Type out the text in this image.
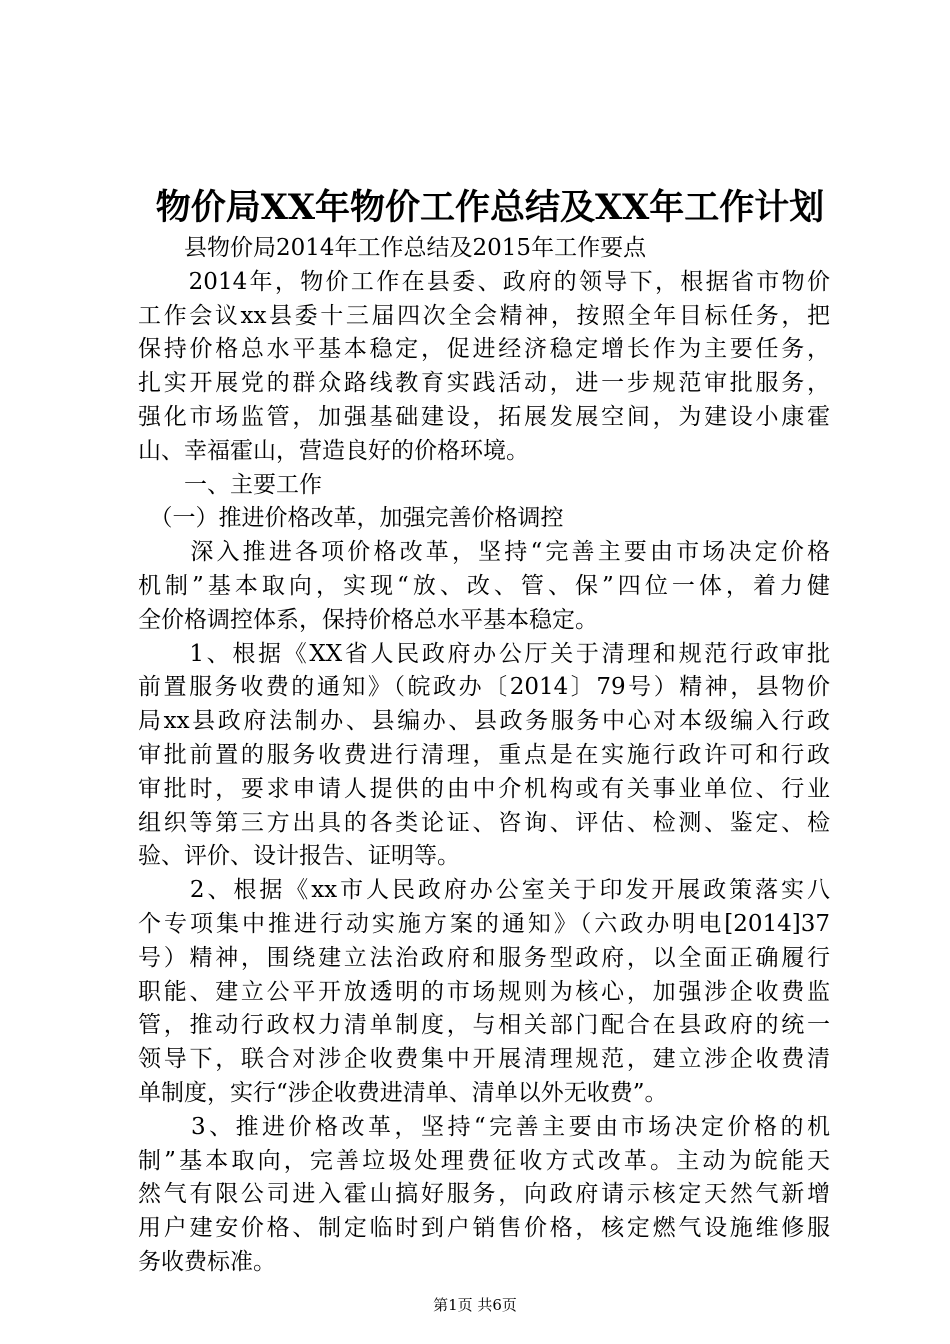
物价局XX年物价工作总结及XX年工作计划
　　县物价局2014年工作总结及2015年工作要点
　　2014年，物价工作在县委、政府的领导下，根据省市物价
工作会议xx县委十三届四次全会精神，按照全年目标任务，把
保持价格总水平基本稳定，促进经济稳定增长作为主要任务，
扎实开展党的群众路线教育实践活动，进一步规范审批服务，
强化市场监管，加强基础建设，拓展发展空间，为建设小康霍
山、幸福霍山，营造良好的价格环境。
　　一、主要工作
　（一）推进价格改革，加强完善价格调控
　　深入推进各项价格改革，坚持“完善主要由市场决定价格
机制”基本取向，实现“放、改、管、保”四位一体，着力健
全价格调控体系，保持价格总水平基本稳定。
　　1、根据《XX省人民政府办公厅关于清理和规范行政审批
前置服务收费的通知》（皖政办〔2014〕79号）精神，县物价
局xx县政府法制办、县编办、县政务服务中心对本级编入行政
审批前置的服务收费进行清理，重点是在实施行政许可和行政
审批时，要求申请人提供的由中介机构或有关事业单位、行业
组织等第三方出具的各类论证、咨询、评估、检测、鉴定、检
验、评价、设计报告、证明等。
　　2、根据《xx市人民政府办公室关于印发开展政策落实八
个专项集中推进行动实施方案的通知》（六政办明电[2014]37
号）精神，围绕建立法治政府和服务型政府，以全面正确履行
职能、建立公平开放透明的市场规则为核心，加强涉企收费监
管，推动行政权力清单制度，与相关部门配合在县政府的统一
领导下，联合对涉企收费集中开展清理规范，建立涉企收费清
单制度，实行“涉企收费进清单、清单以外无收费”。
　　3、推进价格改革，坚持“完善主要由市场决定价格的机
制”基本取向，完善垃圾处理费征收方式改革。主动为皖能天
然气有限公司进入霍山搞好服务，向政府请示核定天然气新增
用户建安价格、制定临时到户销售价格，核定燃气设施维修服
务收费标准。
第1页 共6页
